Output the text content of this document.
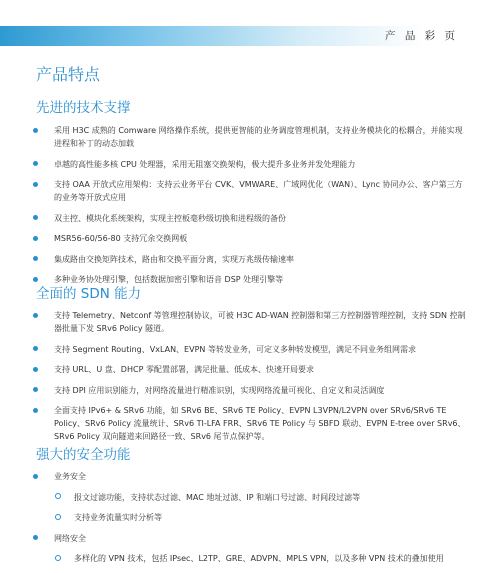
产 品 彩 页
产品特点
先进的技术支撑
采用 H3C 成熟的 Comware 网络操作系统，提供更智能的业务调度管理机制，支持业务模块化的松耦合，并能实现进程和补丁的动态加载
卓越的高性能多核 CPU 处理器，采用无阻塞交换架构，极大提升多业务并发处理能力
支持 OAA 开放式应用架构：支持云业务平台 CVK、VMWARE、广域网优化（WAN）、Lync 协同办公、客户第三方的业务等开放式应用
双主控、模块化系统架构，实现主控板毫秒级切换和进程级的备份
MSR56-60/56-80 支持冗余交换网板
集成路由交换矩阵技术，路由和交换平面分离，实现万兆级传输速率
多种业务协处理引擎，包括数据加密引擎和语音 DSP 处理引擎等
全面的 SDN 能力
支持 Telemetry、Netconf 等管理控制协议，可被 H3C AD-WAN 控制器和第三方控制器管理控制，支持 SDN 控制器批量下发 SRv6 Policy 隧道。
支持 Segment Routing、VxLAN、EVPN 等转发业务，可定义多种转发模型，满足不同业务组网需求
支持 URL、U 盘、DHCP 零配置部署，满足批量、低成本、快速开局要求
支持 DPI 应用识别能力，对网络流量进行精准识别，实现网络流量可视化、自定义和灵活调度
全面支持 IPv6+ & SRv6 功能，如 SRv6 BE、SRv6 TE Policy、EVPN L3VPN/L2VPN over SRv6/SRv6 TE Policy、SRv6 Policy 流量统计、SRv6 TI-LFA FRR、SRv6 TE Policy 与 SBFD 联动、EVPN E-tree over SRv6、SRv6 Policy 双向隧道来回路径一致、SRv6 尾节点保护等。
强大的安全功能
业务安全
报文过滤功能，支持状态过滤、MAC 地址过滤、IP 和端口号过滤、时间段过滤等
支持业务流量实时分析等
网络安全
多样化的 VPN 技术，包括 IPsec、L2TP、GRE、ADVPN、MPLS VPN，以及多种 VPN 技术的叠加使用
